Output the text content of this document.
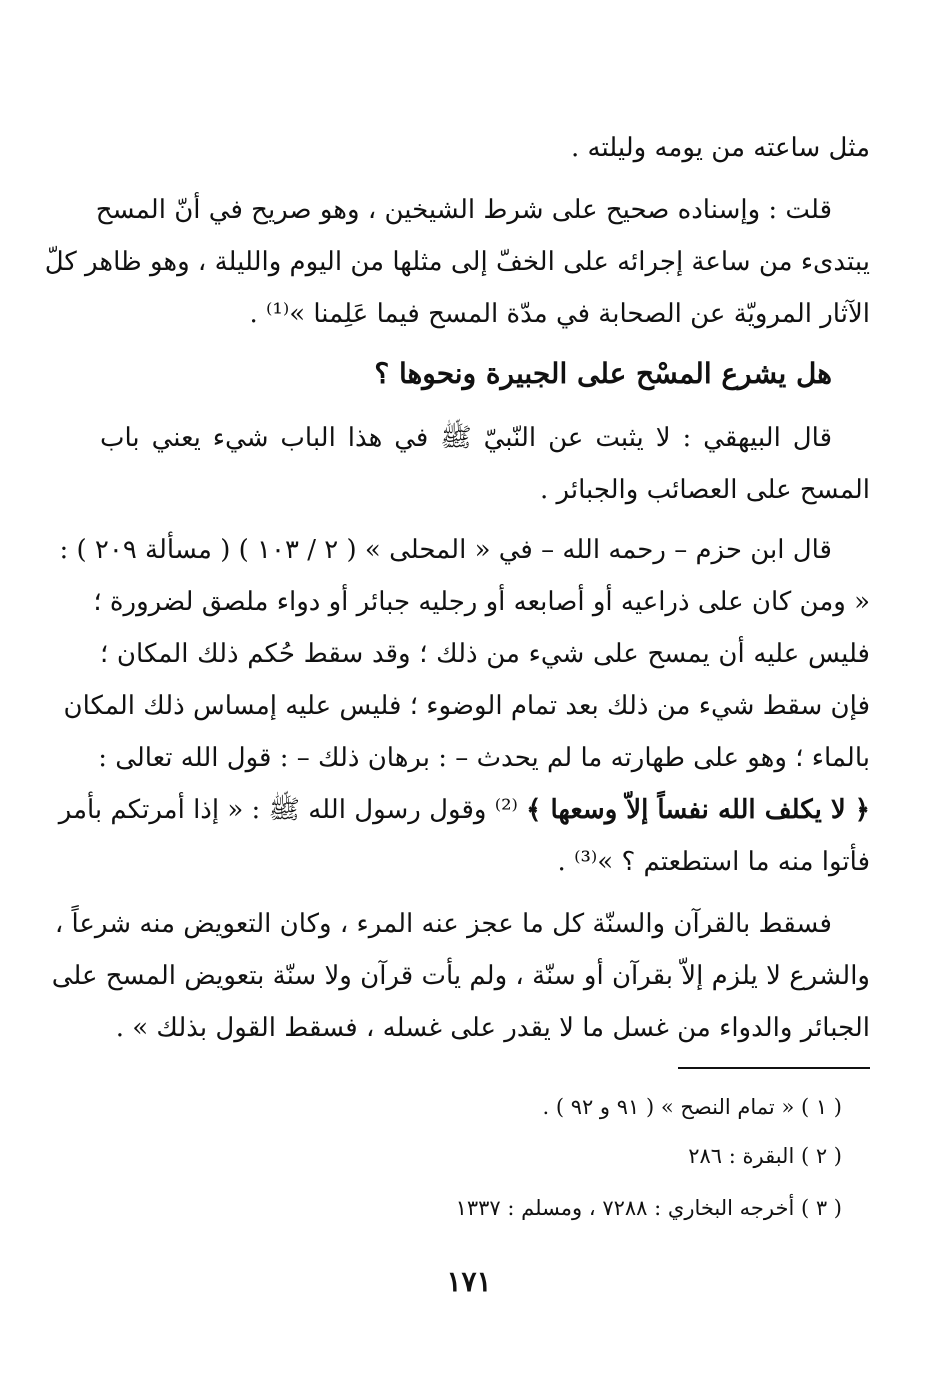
مثل ساعته من يومه وليلته .
قلت : وإسناده صحيح على شرط الشيخين ، وهو صريح في أنّ المسح
يبتدىء من ساعة إجرائه على الخفّ إلى مثلها من اليوم والليلة ، وهو ظاهر كلّ
الآثار المرويّة عن الصحابة في مدّة المسح فيما عَلِمنا »⁽¹⁾ .
هل يشرع المسْح على الجبيرة ونحوها ؟
قال البيهقي : لا يثبت عن النّبيّ ﷺ في هذا الباب شيء يعني باب
المسح على العصائب والجبائر .
قال ابن حزم – رحمه الله – في « المحلى » ( ٢ / ١٠٣ ) ( مسألة ٢٠٩ ) :
« ومن كان على ذراعيه أو أصابعه أو رجليه جبائر أو دواء ملصق لضرورة ؛
فليس عليه أن يمسح على شيء من ذلك ؛ وقد سقط حُكم ذلك المكان ؛
فإن سقط شيء من ذلك بعد تمام الوضوء ؛ فليس عليه إمساس ذلك المكان
بالماء ؛ وهو على طهارته ما لم يحدث – : برهان ذلك – : قول الله تعالى :
﴿ لا يكلف الله نفساً إلاّ وسعها ﴾ ⁽²⁾ وقول رسول الله ﷺ : « إذا أمرتكم بأمر
فأتوا منه ما استطعتم ؟ »⁽³⁾ .
فسقط بالقرآن والسنّة كل ما عجز عنه المرء ، وكان التعويض منه شرعاً ،
والشرع لا يلزم إلاّ بقرآن أو سنّة ، ولم يأت قرآن ولا سنّة بتعويض المسح على
الجبائر والدواء من غسل ما لا يقدر على غسله ، فسقط القول بذلك » .
( ١ ) « تمام النصح » ( ٩١ و ٩٢ ) .
( ٢ ) البقرة : ٢٨٦
( ٣ ) أخرجه البخاري : ٧٢٨٨ ، ومسلم : ١٣٣٧
١٧١
